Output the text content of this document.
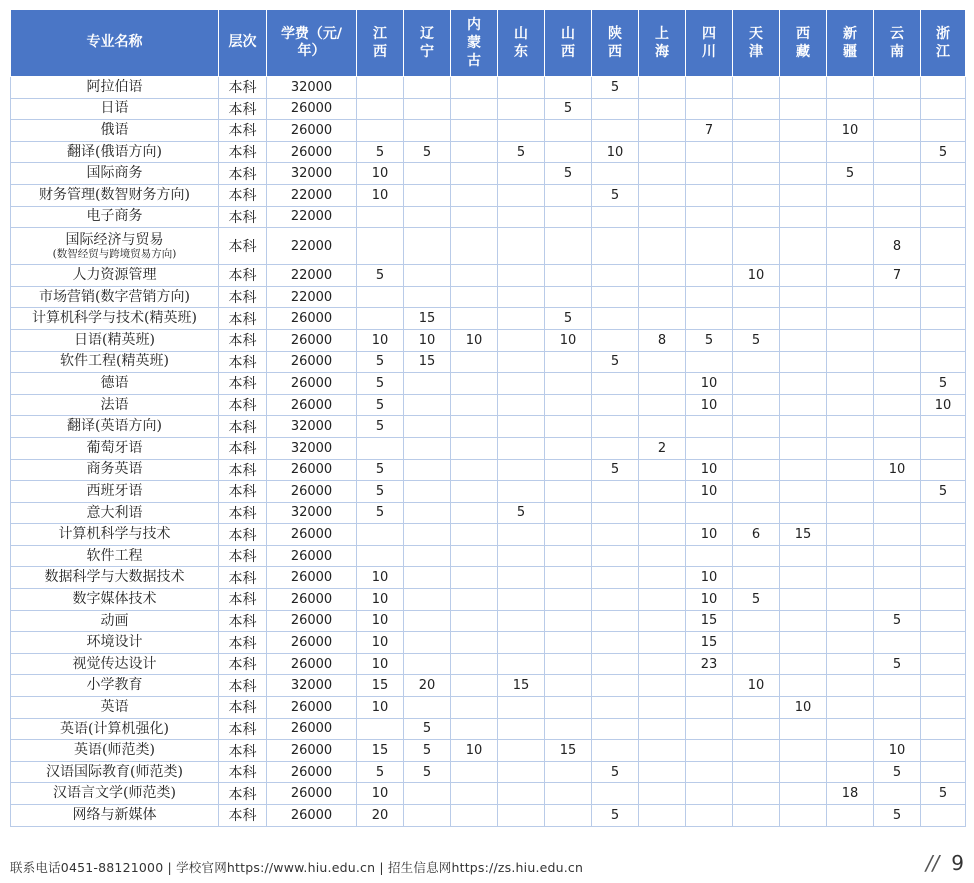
专业名称	层次	学费（元/年）	江西	辽宁	内蒙古	山东	山西	陕西	上海	四川	天津	西藏	新疆	云南	浙江

阿拉伯语	本科	32000						5							

日语	本科	26000					5								

俄语	本科	26000								7			10		

翻译(俄语方向)	本科	26000	5	5		5		10							5

国际商务	本科	32000	10				5						5		

财务管理(数智财务方向)	本科	22000	10					5							

电子商务	本科	22000													

国际经济与贸易
(数智经贸与跨境贸易方向)	本科	22000												8	

人力资源管理	本科	22000	5								10			7	

市场营销(数字营销方向)	本科	22000													

计算机科学与技术(精英班)	本科	26000		15			5								

日语(精英班)	本科	26000	10	10	10		10		8	5	5				

软件工程(精英班)	本科	26000	5	15				5							

德语	本科	26000	5							10					5

法语	本科	26000	5							10					10

翻译(英语方向)	本科	32000	5												

葡萄牙语	本科	32000							2						

商务英语	本科	26000	5					5		10				10	

西班牙语	本科	26000	5							10					5

意大利语	本科	32000	5			5									

计算机科学与技术	本科	26000								10	6	15			

软件工程	本科	26000													

数据科学与大数据技术	本科	26000	10							10					

数字媒体技术	本科	26000	10							10	5				

动画	本科	26000	10							15				5	

环境设计	本科	26000	10							15					

视觉传达设计	本科	26000	10							23				5	

小学教育	本科	32000	15	20		15					10				

英语	本科	26000	10									10			

英语(计算机强化)	本科	26000		5											

英语(师范类)	本科	26000	15	5	10		15							10	

汉语国际教育(师范类)	本科	26000	5	5				5						5	

汉语言文学(师范类)	本科	26000	10										18		5

网络与新媒体	本科	26000	20					5						5	
联系电话0451-88121000 | 学校官网https://www.hiu.edu.cn | 招生信息网https://zs.hiu.edu.cn	// 9
